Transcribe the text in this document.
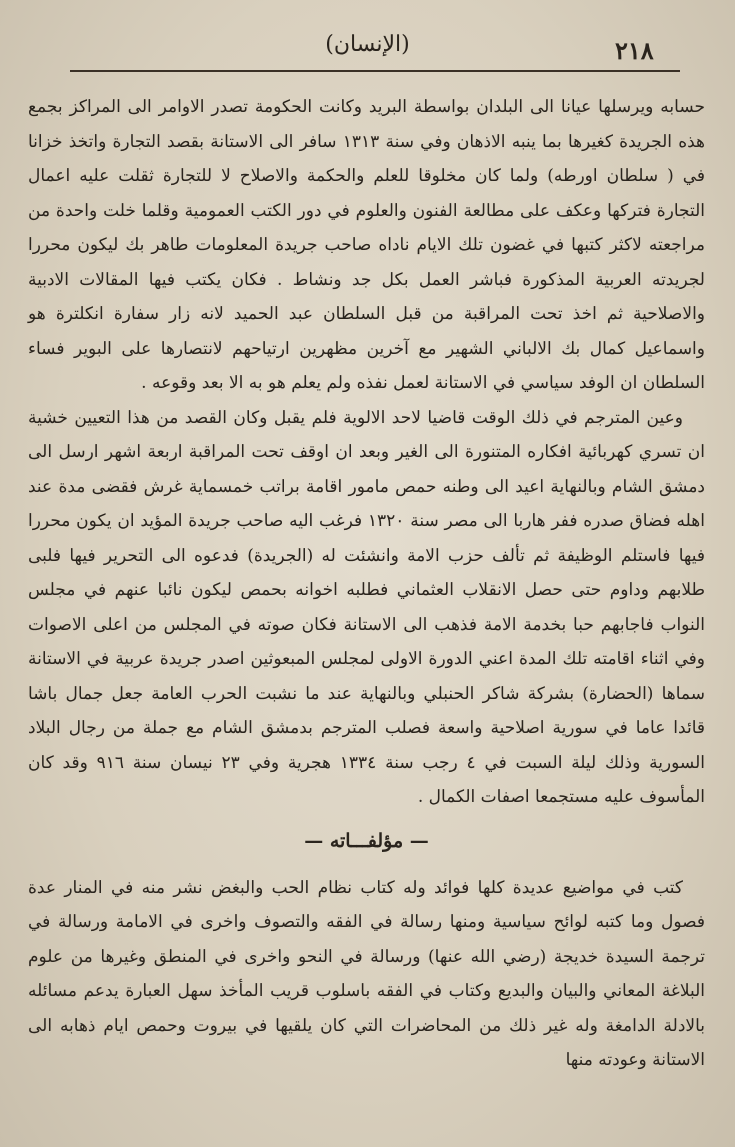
(الإنسان)	٢١٨

حسابه ويرسلها عيانا الى البلدان بواسطة البريد وكانت الحكومة تصدر الاوامر الى المراكز بجمع هذه الجريدة كغيرها بما ينبه الاذهان وفي سنة ١٣١٣ سافر الى الاستانة بقصد التجارة واتخذ خزانا في ( سلطان اورطه) ولما كان مخلوقا للعلم والحكمة والاصلاح لا للتجارة ثقلت عليه اعمال التجارة فتركها وعكف على مطالعة الفنون والعلوم في دور الكتب العمومية وقلما خلت واحدة من مراجعته لاكثر كتبها في غضون تلك الايام ناداه صاحب جريدة المعلومات طاهر بك ليكون محررا لجريدته العربية المذكورة فباشر العمل بكل جد ونشاط . فكان يكتب فيها المقالات الادبية والاصلاحية ثم اخذ تحت المراقبة من قبل السلطان عبد الحميد لانه زار سفارة انكلترة هو واسماعيل كمال بك الالباني الشهير مع آخرين مظهرين ارتياحهم لانتصارها على البوير فساء السلطان ان الوفد سياسي في الاستانة لعمل نفذه ولم يعلم هو به الا بعد وقوعه .

وعين المترجم في ذلك الوقت قاضيا لاحد الالوية فلم يقبل وكان القصد من هذا التعيين خشية ان تسري كهربائية افكاره المتنورة الى الغير وبعد ان اوقف تحت المراقبة اربعة اشهر ارسل الى دمشق الشام وبالنهاية اعيد الى وطنه حمص مامور اقامة براتب خمسماية غرش فقضى مدة عند اهله فضاق صدره ففر هاربا الى مصر سنة ١٣٢٠ فرغب اليه صاحب جريدة المؤيد ان يكون محررا فيها فاستلم الوظيفة ثم تألف حزب الامة وانشئت له (الجريدة) فدعوه الى التحرير فيها فلبى طلابهم وداوم حتى حصل الانقلاب العثماني فطلبه اخوانه بحمص ليكون نائبا عنهم في مجلس النواب فاجابهم حبا بخدمة الامة فذهب الى الاستانة فكان صوته في المجلس من اعلى الاصوات وفي اثناء اقامته تلك المدة اعني الدورة الاولى لمجلس المبعوثين اصدر جريدة عربية في الاستانة سماها (الحضارة) بشركة شاكر الحنبلي وبالنهاية عند ما نشبت الحرب العامة جعل جمال باشا قائدا عاما في سورية اصلاحية واسعة فصلب المترجم بدمشق الشام مع جملة من رجال البلاد السورية وذلك ليلة السبت في ٤ رجب سنة ١٣٣٤ هجرية وفي ٢٣ نيسان سنة ٩١٦ وقد كان المأسوف عليه مستجمعا اصفات الكمال .

— مؤلفـــاته —

كتب في مواضيع عديدة كلها فوائد وله كتاب نظام الحب والبغض نشر منه في المنار عدة فصول وما كتبه لوائح سياسية ومنها رسالة في الفقه والتصوف واخرى في الامامة ورسالة في ترجمة السيدة خديجة (رضي الله عنها) ورسالة في النحو واخرى في المنطق وغيرها من علوم البلاغة المعاني والبيان والبديع وكتاب في الفقه باسلوب قريب المأخذ سهل العبارة يدعم مسائله بالادلة الدامغة وله غير ذلك من المحاضرات التي كان يلقيها في بيروت وحمص ايام ذهابه الى الاستانة وعودته منها
